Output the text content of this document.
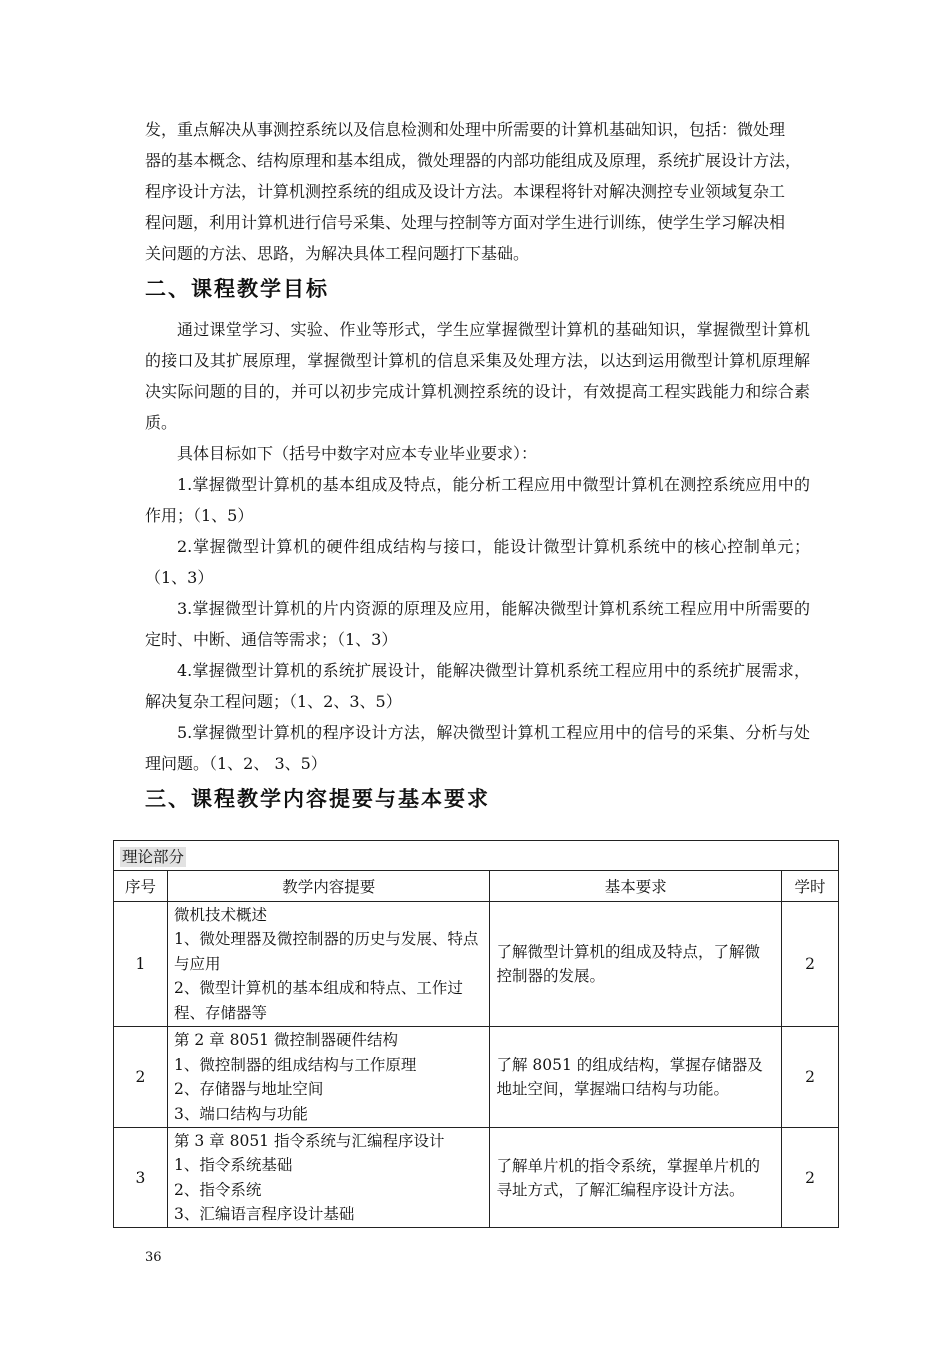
发，重点解决从事测控系统以及信息检测和处理中所需要的计算机基础知识，包括：微处理
器的基本概念、结构原理和基本组成，微处理器的内部功能组成及原理，系统扩展设计方法，
程序设计方法，计算机测控系统的组成及设计方法。本课程将针对解决测控专业领域复杂工
程问题，利用计算机进行信号采集、处理与控制等方面对学生进行训练，使学生学习解决相
关问题的方法、思路，为解决具体工程问题打下基础。

二、课程教学目标

通过课堂学习、实验、作业等形式，学生应掌握微型计算机的基础知识，掌握微型计算机的接口及其扩展原理，掌握微型计算机的信息采集及处理方法，以达到运用微型计算机原理解决实际问题的目的，并可以初步完成计算机测控系统的设计，有效提高工程实践能力和综合素质。

具体目标如下（括号中数字对应本专业毕业要求）：

1.掌握微型计算机的基本组成及特点，能分析工程应用中微型计算机在测控系统应用中的作用；（1、5）

2.掌握微型计算机的硬件组成结构与接口，能设计微型计算机系统中的核心控制单元；（1、3）

3.掌握微型计算机的片内资源的原理及应用，能解决微型计算机系统工程应用中所需要的定时、中断、通信等需求；（1、3）

4.掌握微型计算机的系统扩展设计，能解决微型计算机系统工程应用中的系统扩展需求，解决复杂工程问题；（1、2、3、5）

5.掌握微型计算机的程序设计方法，解决微型计算机工程应用中的信号的采集、分析与处理问题。（1、2、 3、5）

三、课程教学内容提要与基本要求
理论部分			
序号	教学内容提要	基本要求	学时
1	微机技术概述
1、微处理器及微控制器的历史与发展、特点与应用
2、微型计算机的基本组成和特点、工作过程、存储器等	了解微型计算机的组成及特点，了解微控制器的发展。	2
2	第 2 章 8051 微控制器硬件结构
1、微控制器的组成结构与工作原理
2、存储器与地址空间
3、端口结构与功能	了解 8051 的组成结构，掌握存储器及地址空间，掌握端口结构与功能。	2
3	第 3 章 8051 指令系统与汇编程序设计
1、指令系统基础
2、指令系统
3、汇编语言程序设计基础	了解单片机的指令系统，掌握单片机的寻址方式，了解汇编程序设计方法。	2
36
